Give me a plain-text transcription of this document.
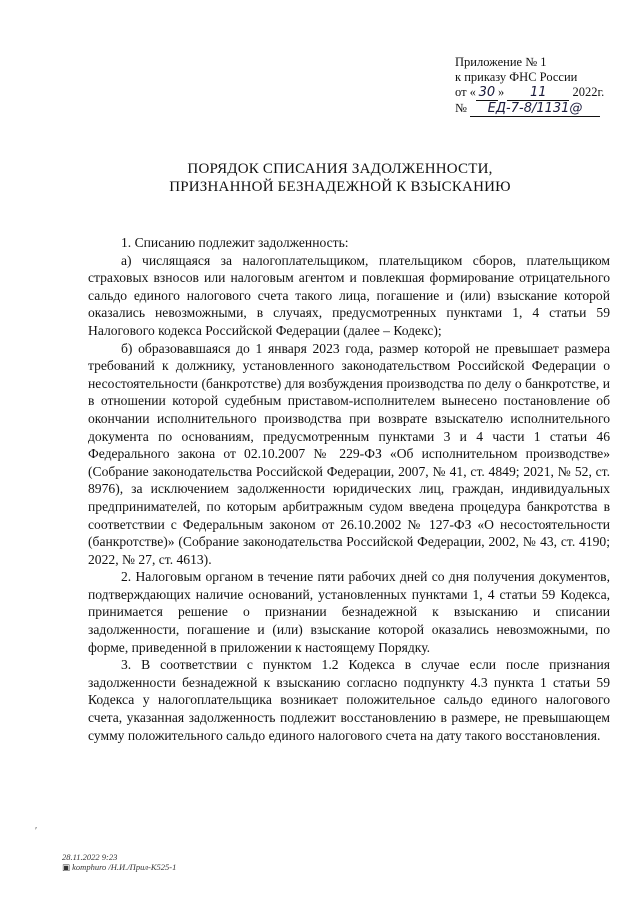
Приложение № 1
к приказу ФНС России
от « 30 » 11 2022г.
№ ЕД-7-8/1131@
ПОРЯДОК СПИСАНИЯ ЗАДОЛЖЕННОСТИ,
ПРИЗНАННОЙ БЕЗНАДЕЖНОЙ К ВЗЫСКАНИЮ

1. Списанию подлежит задолженность:

а) числящаяся за налогоплательщиком, плательщиком сборов, плательщиком страховых взносов или налоговым агентом и повлекшая формирование отрицательного сальдо единого налогового счета такого лица, погашение и (или) взыскание которой оказались невозможными, в случаях, предусмотренных пунктами 1, 4 статьи 59 Налогового кодекса Российской Федерации (далее – Кодекс);

б) образовавшаяся до 1 января 2023 года, размер которой не превышает размера требований к должнику, установленного законодательством Российской Федерации о несостоятельности (банкротстве) для возбуждения производства по делу о банкротстве, и в отношении которой судебным приставом-исполнителем вынесено постановление об окончании исполнительного производства при возврате взыскателю исполнительного документа по основаниям, предусмотренным пунктами 3 и 4 части 1 статьи 46 Федерального закона от 02.10.2007 № 229-ФЗ «Об исполнительном производстве» (Собрание законодательства Российской Федерации, 2007, № 41, ст. 4849; 2021, № 52, ст. 8976), за исключением задолженности юридических лиц, граждан, индивидуальных предпринимателей, по которым арбитражным судом введена процедура банкротства в соответствии с Федеральным законом от 26.10.2002 № 127-ФЗ «О несостоятельности (банкротстве)» (Собрание законодательства Российской Федерации, 2002, № 43, ст. 4190; 2022, № 27, ст. 4613).

2. Налоговым органом в течение пяти рабочих дней со дня получения документов, подтверждающих наличие оснований, установленных пунктами 1, 4 статьи 59 Кодекса, принимается решение о признании безнадежной к взысканию и списании задолженности, погашение и (или) взыскание которой оказались невозможными, по форме, приведенной в приложении к настоящему Порядку.

3. В соответствии с пунктом 1.2 Кодекса в случае если после признания задолженности безнадежной к взысканию согласно подпункту 4.3 пункта 1 статьи 59 Кодекса у налогоплательщика возникает положительное сальдо единого налогового счета, указанная задолженность подлежит восстановлению в размере, не превышающем сумму положительного сальдо единого налогового счета на дату такого восстановления.

′
28.11.2022 9:23
▣ komphuro /Н.И./Прил-К525-1
